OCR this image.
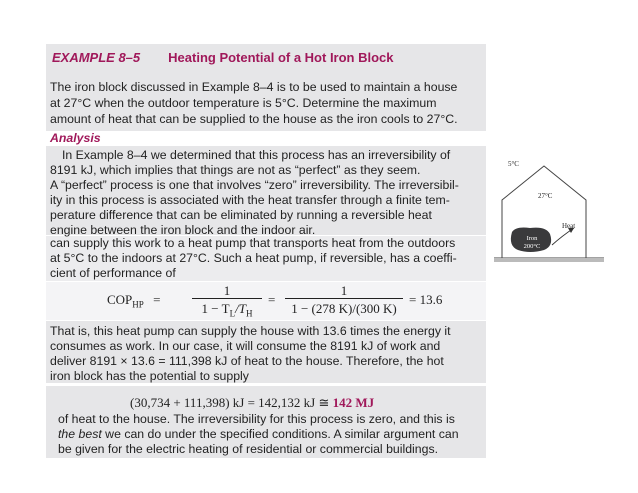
EXAMPLE 8–5 Heating Potential of a Hot Iron Block
The iron block discussed in Example 8–4 is to be used to maintain a house
at 27°C when the outdoor temperature is 5°C. Determine the maximum
amount of heat that can be supplied to the house as the iron cools to 27°C.
Analysis
In Example 8–4 we determined that this process has an irreversibility of
8191 kJ, which implies that things are not as “perfect” as they seem.
A “perfect” process is one that involves “zero” irreversibility. The irreversibil-
ity in this process is associated with the heat transfer through a finite tem-
perature difference that can be eliminated by running a reversible heat
engine between the iron block and the indoor air.
can supply this work to a heat pump that transports heat from the outdoors
at 5°C to the indoors at 27°C. Such a heat pump, if reversible, has a coeffi-
cient of performance of
$COP_{HP}$ =
1
$1 - T_L/T_H$
=
1
1 − (278 K)/(300 K)
= 13.6
That is, this heat pump can supply the house with 13.6 times the energy it
consumes as work. In our case, it will consume the 8191 kJ of work and
deliver 8191 × 13.6 = 111,398 kJ of heat to the house. Therefore, the hot
iron block has the potential to supply
(30,734 + 111,398) kJ = 142,132 kJ ≅ 142 MJ
of heat to the house. The irreversibility for this process is zero, and this is
the best we can do under the specified conditions. A similar argument can
be given for the electric heating of residential or commercial buildings.
5°C
27°C
Heat
Iron
200°C
